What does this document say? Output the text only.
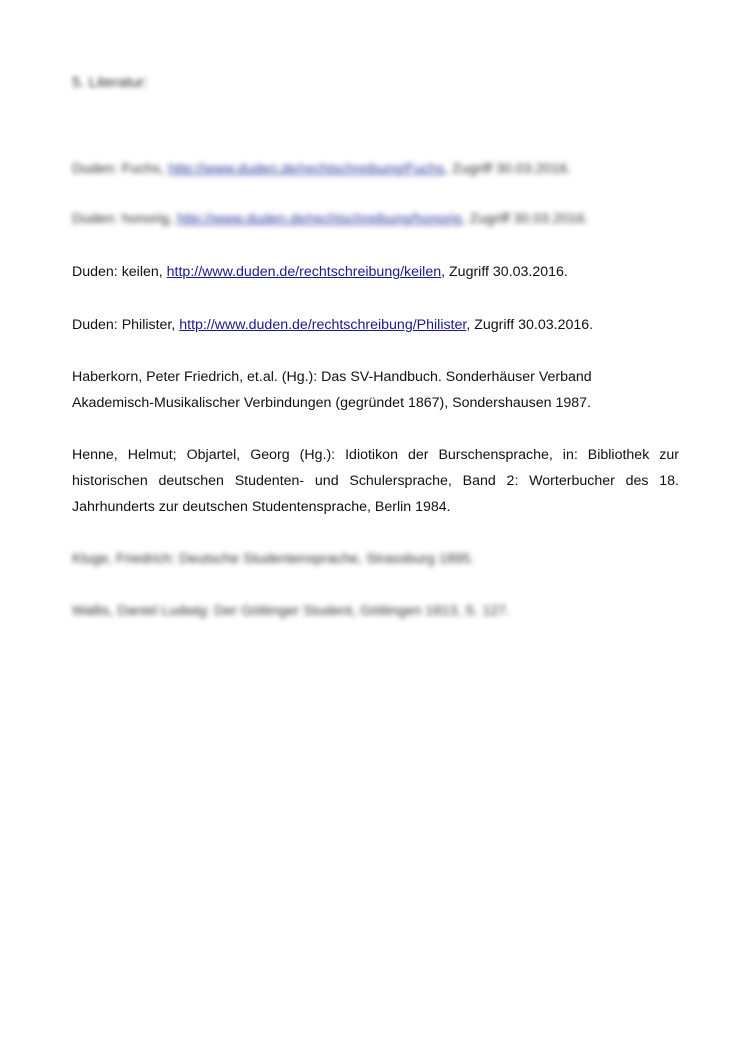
5. Literatur:

Duden: Fuchs, http://www.duden.de/rechtschreibung/Fuchs, Zugriff 30.03.2016.

Duden: honorig, http://www.duden.de/rechtschreibung/honorig, Zugriff 30.03.2016.

Duden: keilen, http://www.duden.de/rechtschreibung/keilen, Zugriff 30.03.2016.

Duden: Philister, http://www.duden.de/rechtschreibung/Philister, Zugriff 30.03.2016.

Haberkorn, Peter Friedrich, et.al. (Hg.): Das SV-Handbuch. Sonderhäuser Verband
Akademisch-Musikalischer Verbindungen (gegründet 1867), Sondershausen 1987.

Henne, Helmut; Objartel, Georg (Hg.): Idiotikon der Burschensprache, in: Bibliothek zur historischen deutschen Studenten- und Schulersprache, Band 2: Worterbucher des 18. Jahrhunderts zur deutschen Studentensprache, Berlin 1984.

Kluge, Friedrich: Deutsche Studentensprache, Strassburg 1895.

Wallis, Daniel Ludwig: Der Göttinger Student, Göttingen 1813, S. 127.
